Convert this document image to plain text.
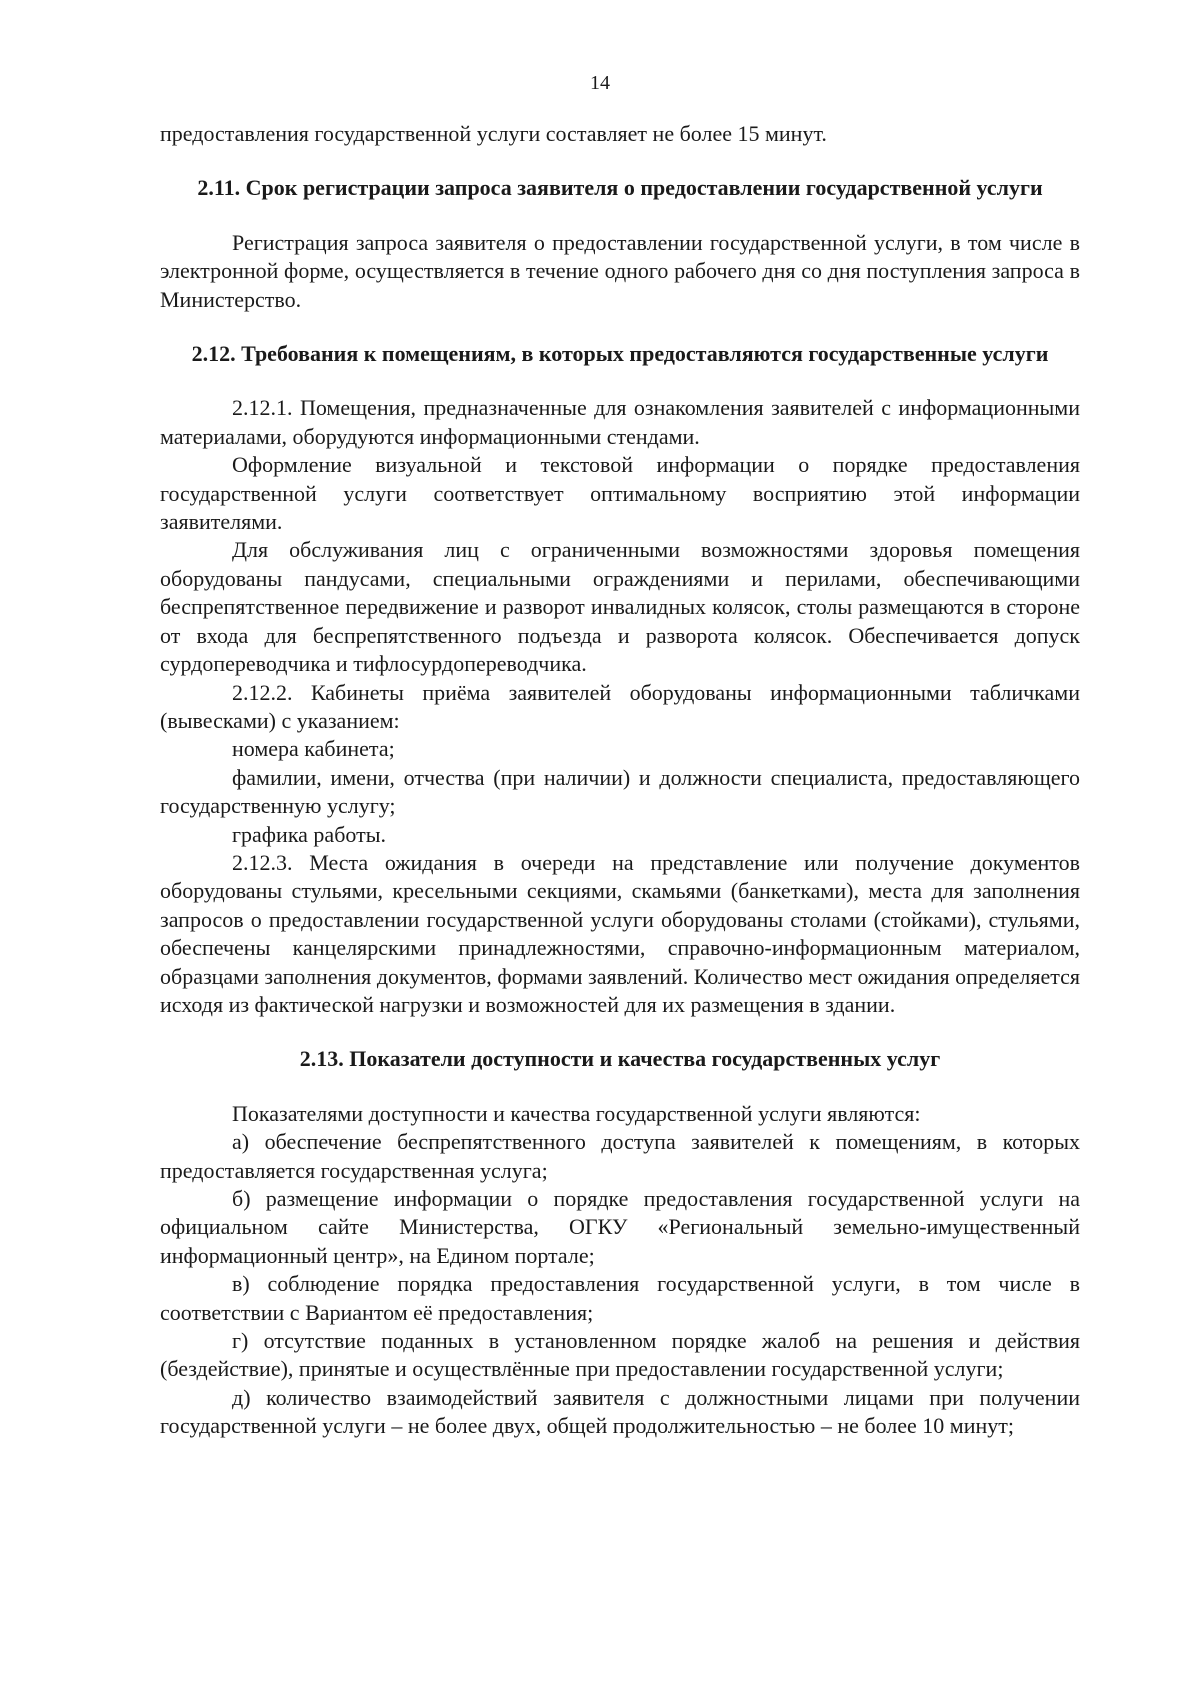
14

предоставления государственной услуги составляет не более 15 минут.

2.11. Срок регистрации запроса заявителя о предоставлении государственной услуги

Регистрация запроса заявителя о предоставлении государственной услуги, в том числе в электронной форме, осуществляется в течение одного рабочего дня со дня поступления запроса в Министерство.

2.12. Требования к помещениям, в которых предоставляются государственные услуги

2.12.1. Помещения, предназначенные для ознакомления заявителей с информационными материалами, оборудуются информационными стендами.

Оформление визуальной и текстовой информации о порядке предоставления государственной услуги соответствует оптимальному восприятию этой информации заявителями.

Для обслуживания лиц с ограниченными возможностями здоровья помещения оборудованы пандусами, специальными ограждениями и перилами, обеспечивающими беспрепятственное передвижение и разворот инвалидных колясок, столы размещаются в стороне от входа для беспрепятственного подъезда и разворота колясок. Обеспечивается допуск сурдопереводчика и тифлосурдопереводчика.

2.12.2. Кабинеты приёма заявителей оборудованы информационными табличками (вывесками) с указанием:

номера кабинета;

фамилии, имени, отчества (при наличии) и должности специалиста, предоставляющего государственную услугу;

графика работы.

2.12.3. Места ожидания в очереди на представление или получение документов оборудованы стульями, кресельными секциями, скамьями (банкетками), места для заполнения запросов о предоставлении государственной услуги оборудованы столами (стойками), стульями, обеспечены канцелярскими принадлежностями, справочно-информационным материалом, образцами заполнения документов, формами заявлений. Количество мест ожидания определяется исходя из фактической нагрузки и возможностей для их размещения в здании.

2.13. Показатели доступности и качества государственных услуг

Показателями доступности и качества государственной услуги являются:

а) обеспечение беспрепятственного доступа заявителей к помещениям, в которых предоставляется государственная услуга;

б) размещение информации о порядке предоставления государственной услуги на официальном сайте Министерства, ОГКУ «Региональный земельно-имущественный информационный центр», на Едином портале;

в) соблюдение порядка предоставления государственной услуги, в том числе в соответствии с Вариантом её предоставления;

г) отсутствие поданных в установленном порядке жалоб на решения и действия (бездействие), принятые и осуществлённые при предоставлении государственной услуги;

д) количество взаимодействий заявителя с должностными лицами при получении государственной услуги – не более двух, общей продолжительностью – не более 10 минут;
